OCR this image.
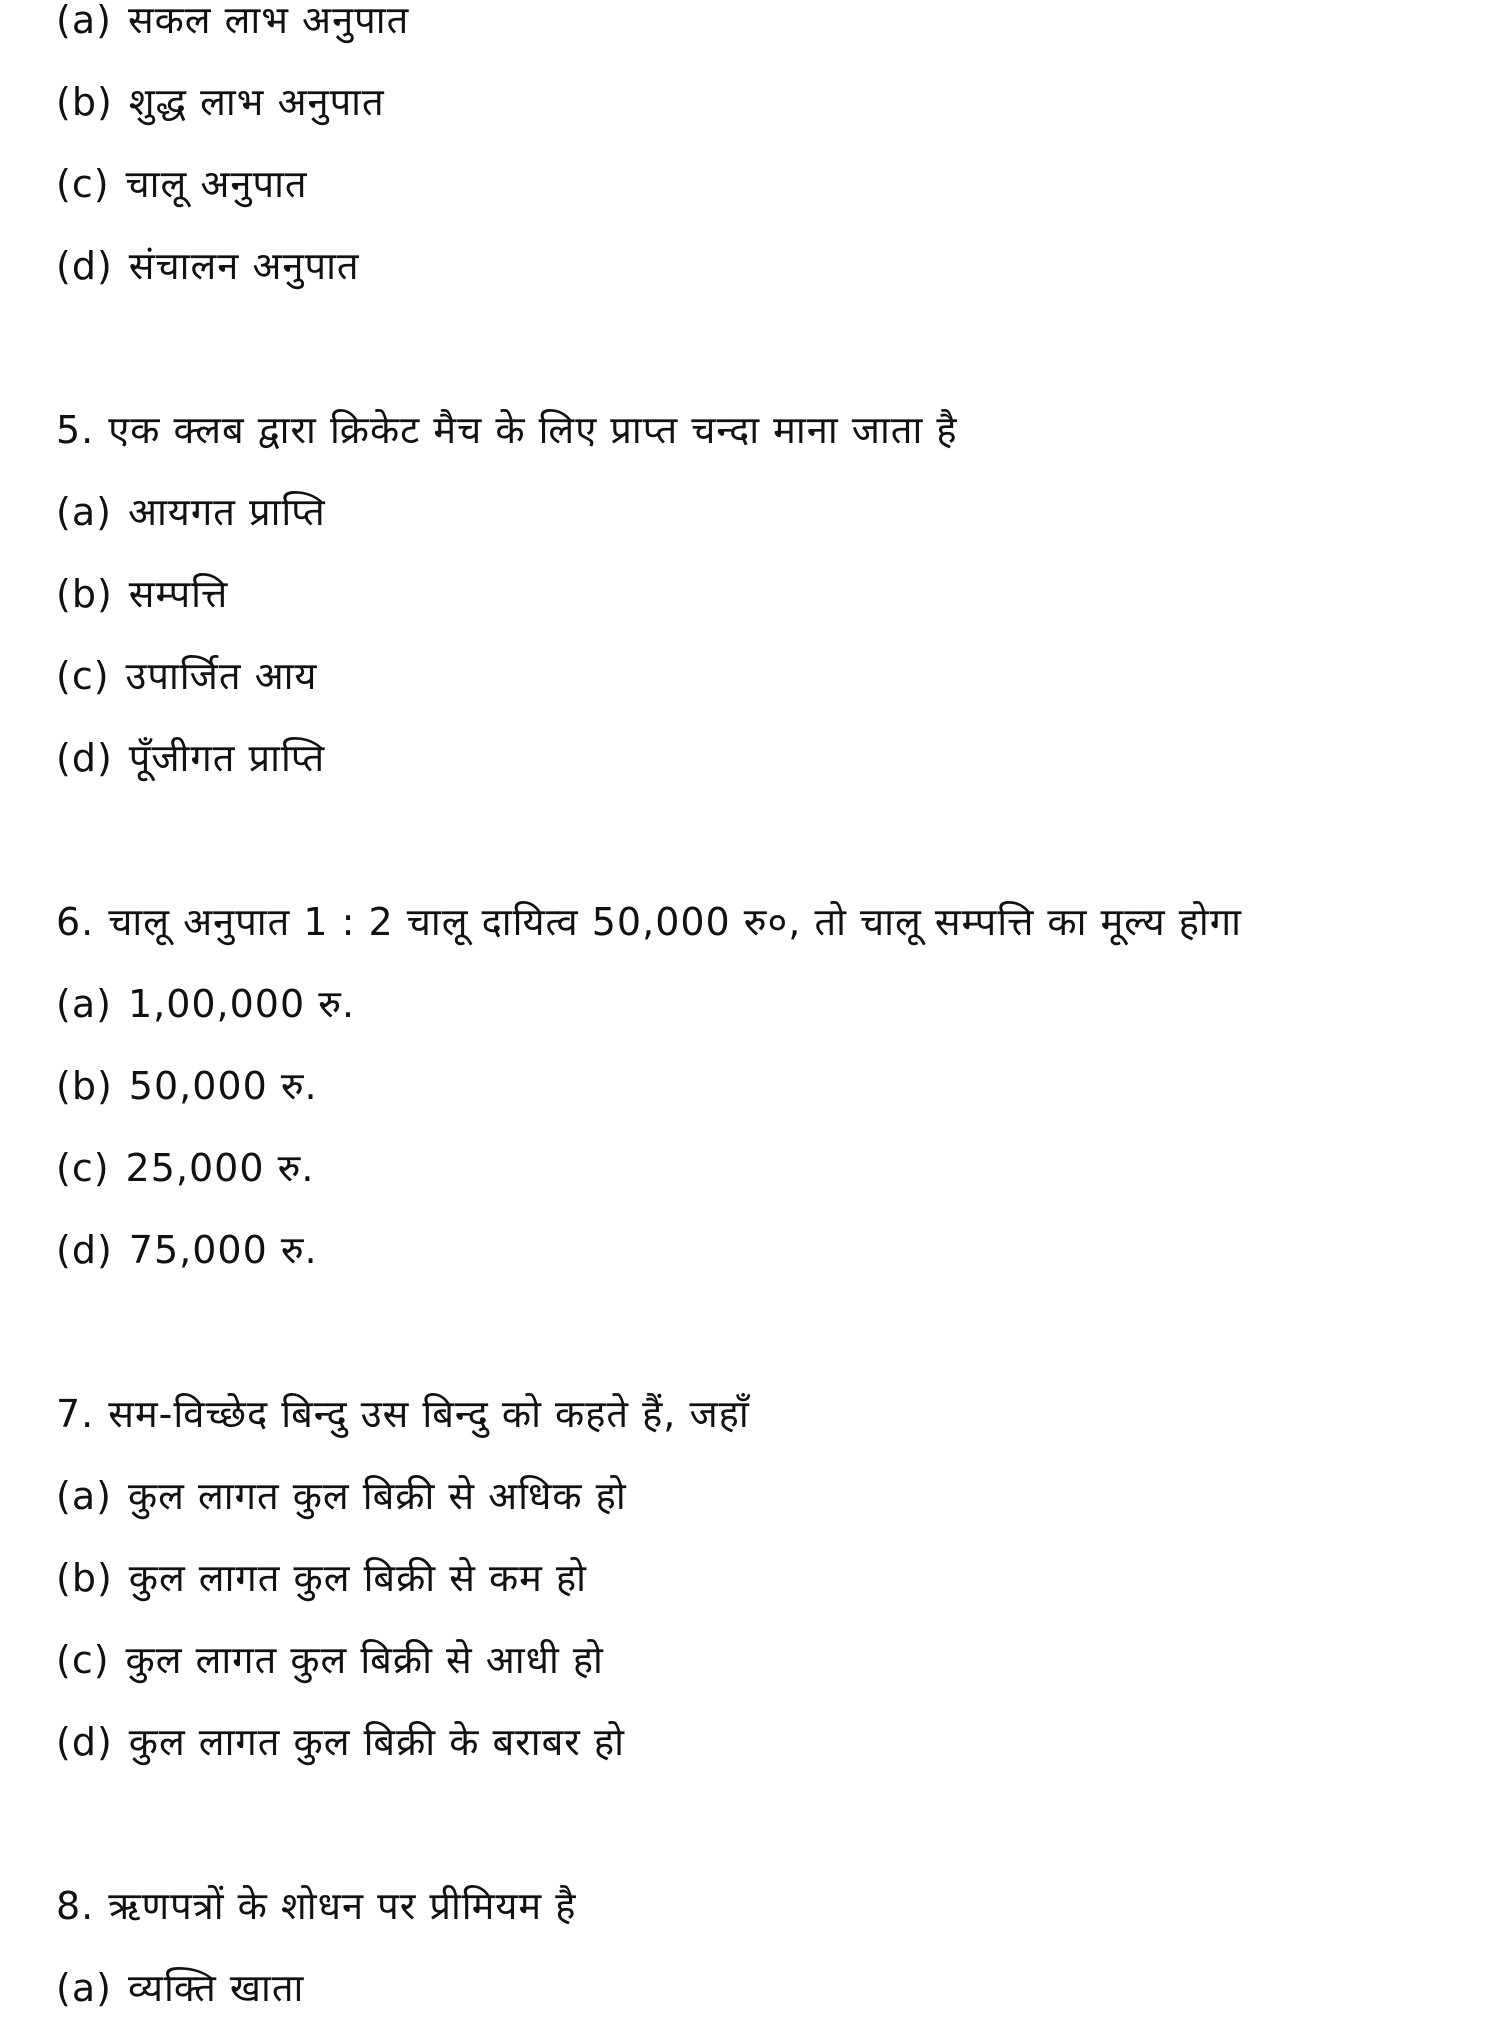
(a) सकल लाभ अनुपात
(b) शुद्ध लाभ अनुपात
(c) चालू अनुपात
(d) संचालन अनुपात
5. एक क्लब द्वारा क्रिकेट मैच के लिए प्राप्त चन्दा माना जाता है
(a) आयगत प्राप्ति
(b) सम्पत्ति
(c) उपार्जित आय
(d) पूँजीगत प्राप्ति
6. चालू अनुपात 1 : 2 चालू दायित्व 50,000 रु०, तो चालू सम्पत्ति का मूल्य होगा
(a) 1,00,000 रु.
(b) 50,000 रु.
(c) 25,000 रु.
(d) 75,000 रु.
7. सम-विच्छेद बिन्दु उस बिन्दु को कहते हैं, जहाँ
(a) कुल लागत कुल बिक्री से अधिक हो
(b) कुल लागत कुल बिक्री से कम हो
(c) कुल लागत कुल बिक्री से आधी हो
(d) कुल लागत कुल बिक्री के बराबर हो
8. ऋणपत्रों के शोधन पर प्रीमियम है
(a) व्यक्ति खाता
